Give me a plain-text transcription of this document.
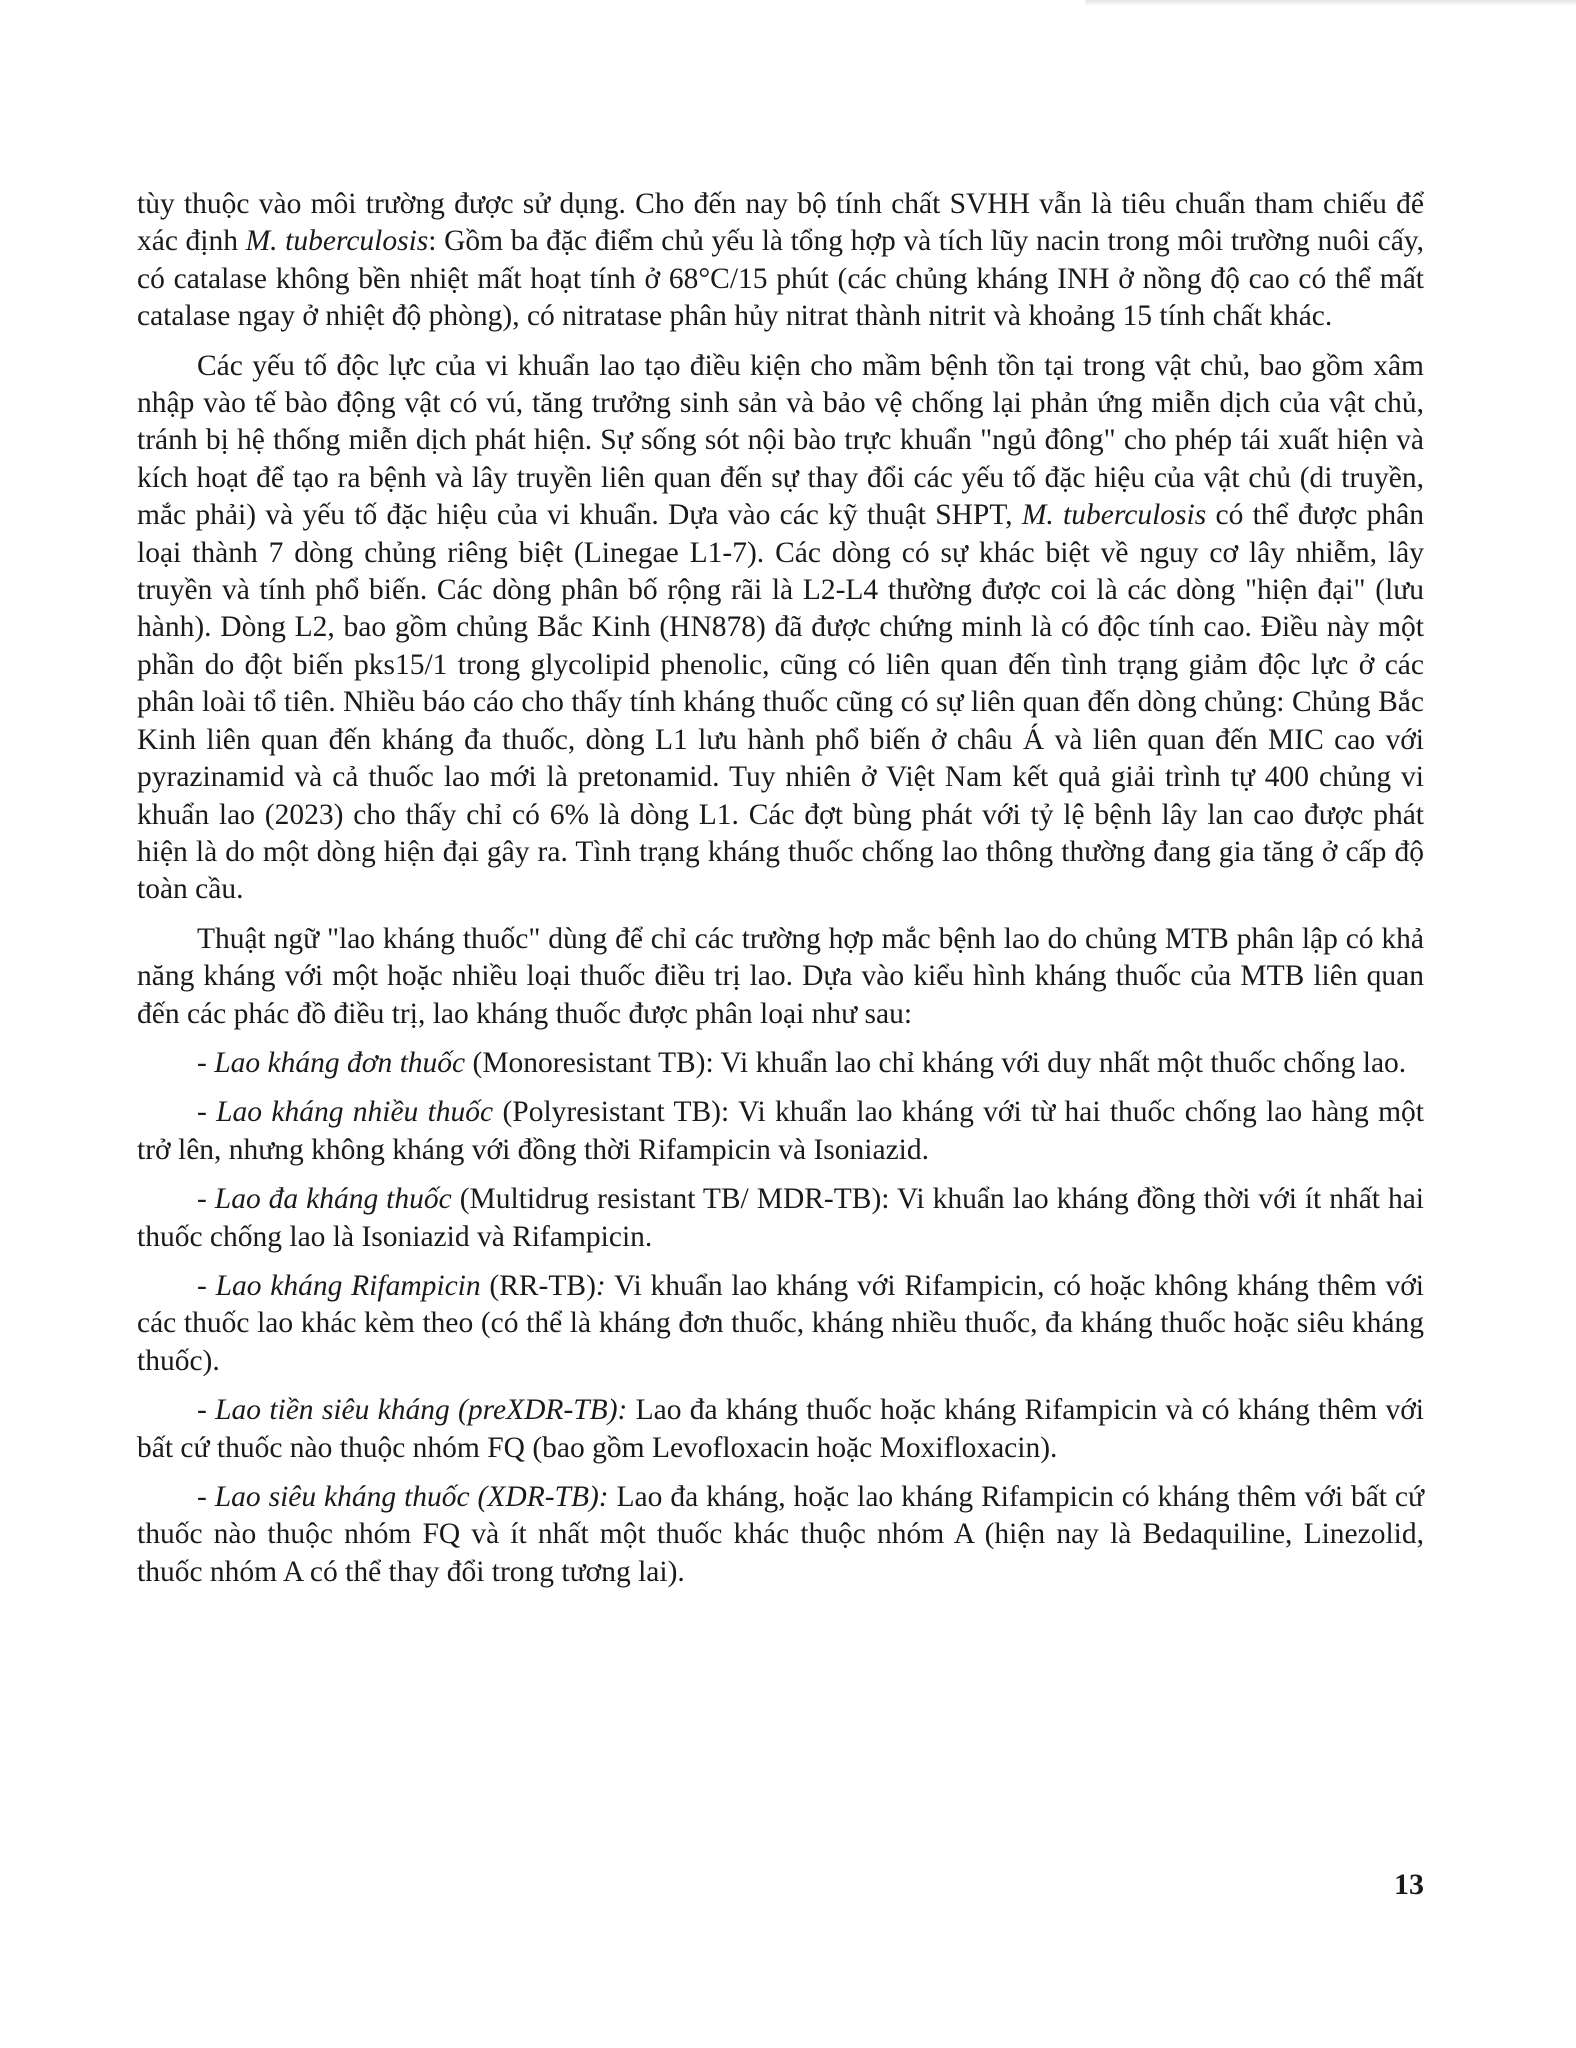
tùy thuộc vào môi trường được sử dụng. Cho đến nay bộ tính chất SVHH vẫn là tiêu chuẩn tham chiếu để xác định M. tuberculosis: Gồm ba đặc điểm chủ yếu là tổng hợp và tích lũy nacin trong môi trường nuôi cấy, có catalase không bền nhiệt mất hoạt tính ở 68°C/15 phút (các chủng kháng INH ở nồng độ cao có thể mất catalase ngay ở nhiệt độ phòng), có nitratase phân hủy nitrat thành nitrit và khoảng 15 tính chất khác.

Các yếu tố độc lực của vi khuẩn lao tạo điều kiện cho mầm bệnh tồn tại trong vật chủ, bao gồm xâm nhập vào tế bào động vật có vú, tăng trưởng sinh sản và bảo vệ chống lại phản ứng miễn dịch của vật chủ, tránh bị hệ thống miễn dịch phát hiện. Sự sống sót nội bào trực khuẩn "ngủ đông" cho phép tái xuất hiện và kích hoạt để tạo ra bệnh và lây truyền liên quan đến sự thay đổi các yếu tố đặc hiệu của vật chủ (di truyền, mắc phải) và yếu tố đặc hiệu của vi khuẩn. Dựa vào các kỹ thuật SHPT, M. tuberculosis có thể được phân loại thành 7 dòng chủng riêng biệt (Linegae L1-7). Các dòng có sự khác biệt về nguy cơ lây nhiễm, lây truyền và tính phổ biến. Các dòng phân bố rộng rãi là L2-L4 thường được coi là các dòng "hiện đại" (lưu hành). Dòng L2, bao gồm chủng Bắc Kinh (HN878) đã được chứng minh là có độc tính cao. Điều này một phần do đột biến pks15/1 trong glycolipid phenolic, cũng có liên quan đến tình trạng giảm độc lực ở các phân loài tổ tiên. Nhiều báo cáo cho thấy tính kháng thuốc cũng có sự liên quan đến dòng chủng: Chủng Bắc Kinh liên quan đến kháng đa thuốc, dòng L1 lưu hành phổ biến ở châu Á và liên quan đến MIC cao với pyrazinamid và cả thuốc lao mới là pretonamid. Tuy nhiên ở Việt Nam kết quả giải trình tự 400 chủng vi khuẩn lao (2023) cho thấy chỉ có 6% là dòng L1. Các đợt bùng phát với tỷ lệ bệnh lây lan cao được phát hiện là do một dòng hiện đại gây ra. Tình trạng kháng thuốc chống lao thông thường đang gia tăng ở cấp độ toàn cầu.

Thuật ngữ "lao kháng thuốc" dùng để chỉ các trường hợp mắc bệnh lao do chủng MTB phân lập có khả năng kháng với một hoặc nhiều loại thuốc điều trị lao. Dựa vào kiểu hình kháng thuốc của MTB liên quan đến các phác đồ điều trị, lao kháng thuốc được phân loại như sau:

- Lao kháng đơn thuốc (Monoresistant TB): Vi khuẩn lao chỉ kháng với duy nhất một thuốc chống lao.

- Lao kháng nhiều thuốc (Polyresistant TB): Vi khuẩn lao kháng với từ hai thuốc chống lao hàng một trở lên, nhưng không kháng với đồng thời Rifampicin và Isoniazid.

- Lao đa kháng thuốc (Multidrug resistant TB/ MDR-TB): Vi khuẩn lao kháng đồng thời với ít nhất hai thuốc chống lao là Isoniazid và Rifampicin.

- Lao kháng Rifampicin (RR-TB): Vi khuẩn lao kháng với Rifampicin, có hoặc không kháng thêm với các thuốc lao khác kèm theo (có thể là kháng đơn thuốc, kháng nhiều thuốc, đa kháng thuốc hoặc siêu kháng thuốc).

- Lao tiền siêu kháng (preXDR-TB): Lao đa kháng thuốc hoặc kháng Rifampicin và có kháng thêm với bất cứ thuốc nào thuộc nhóm FQ (bao gồm Levofloxacin hoặc Moxifloxacin).

- Lao siêu kháng thuốc (XDR-TB): Lao đa kháng, hoặc lao kháng Rifampicin có kháng thêm với bất cứ thuốc nào thuộc nhóm FQ và ít nhất một thuốc khác thuộc nhóm A (hiện nay là Bedaquiline, Linezolid, thuốc nhóm A có thể thay đổi trong tương lai).

13
